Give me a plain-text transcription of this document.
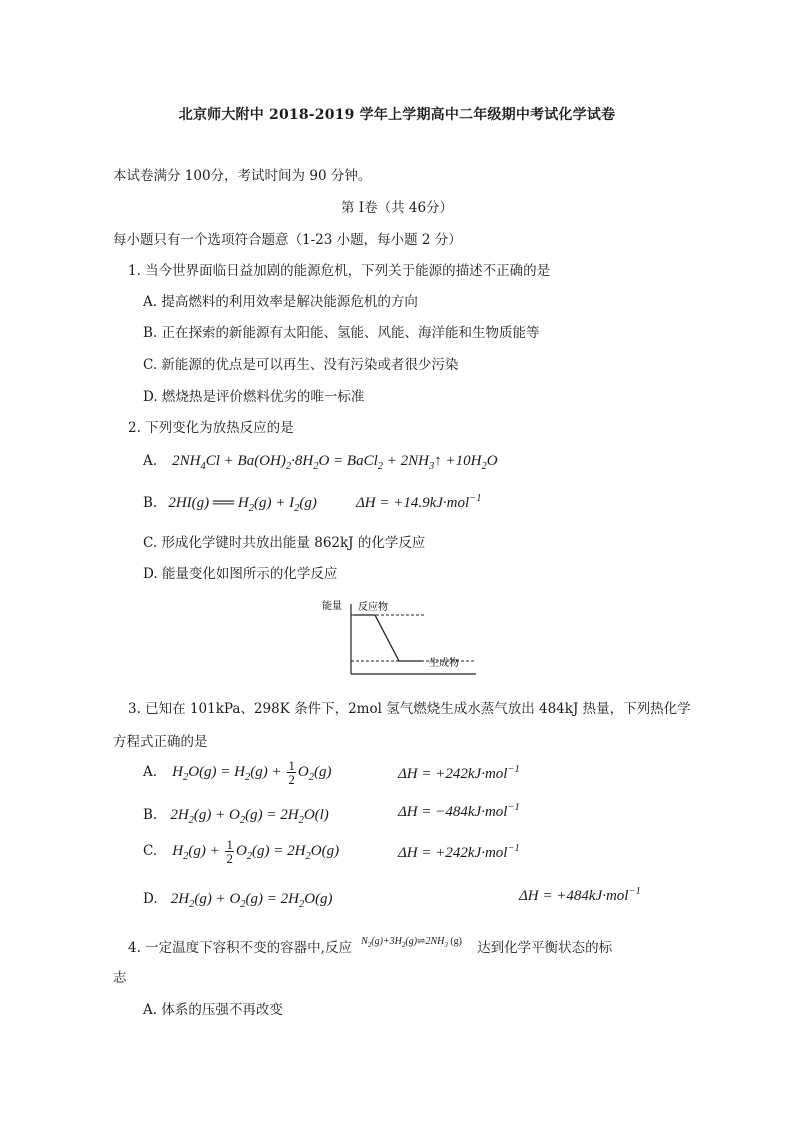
北京师大附中 2018-2019 学年上学期高中二年级期中考试化学试卷
本试卷满分 100分，考试时间为 90 分钟。
第 I卷（共 46分）
每小题只有一个选项符合题意（1-23 小题，每小题 2 分）
1. 当今世界面临日益加剧的能源危机，下列关于能源的描述不正确的是
A. 提高燃料的利用效率是解决能源危机的方向
B. 正在探索的新能源有太阳能、氢能、风能、海洋能和生物质能等
C. 新能源的优点是可以再生、没有污染或者很少污染
D. 燃烧热是评价燃料优劣的唯一标准
2. 下列变化为放热反应的是
A. $2NH_4Cl + Ba(OH)_2\cdot 8H_2O$ = BaCl$_2$ + $2NH_3↑ +10H_2O$
B. 2HI(g) ══ $H_2(g) + I_2(g)$	ΔH = +14.9kJ·mol$^{-1}$
C. 形成化学键时共放出能量 862kJ 的化学反应
D. 能量变化如图所示的化学反应
能量 反应物
生成物
3. 已知在 101kPa、298K 条件下，2mol 氢气燃烧生成水蒸气放出 484kJ 热量，下列热化学
方程式正确的是
A. $H_2O(g) = H_2(g) + \frac{1}{2} O_2(g)$	ΔH = +242kJ·mol$^{-1}$
B. $2H_2(g) + O_2(g) = 2H_2O(l)$	ΔH = −484kJ·mol$^{-1}$
C. $H_2(g) + \frac{1}{2} O_2(g) = 2H_2O(g)$	ΔH = +242kJ·mol$^{-1}$
D. $2H_2(g) + O_2(g) = 2H_2O(g)$	ΔH = +484kJ·mol$^{-1}$
4. 一定温度下容积不变的容器中,反应 $^{N_2(g)+3H_2(g)\rightleftharpoons 2NH_3 (g)}$ 达到化学平衡状态的标
志
A. 体系的压强不再改变
